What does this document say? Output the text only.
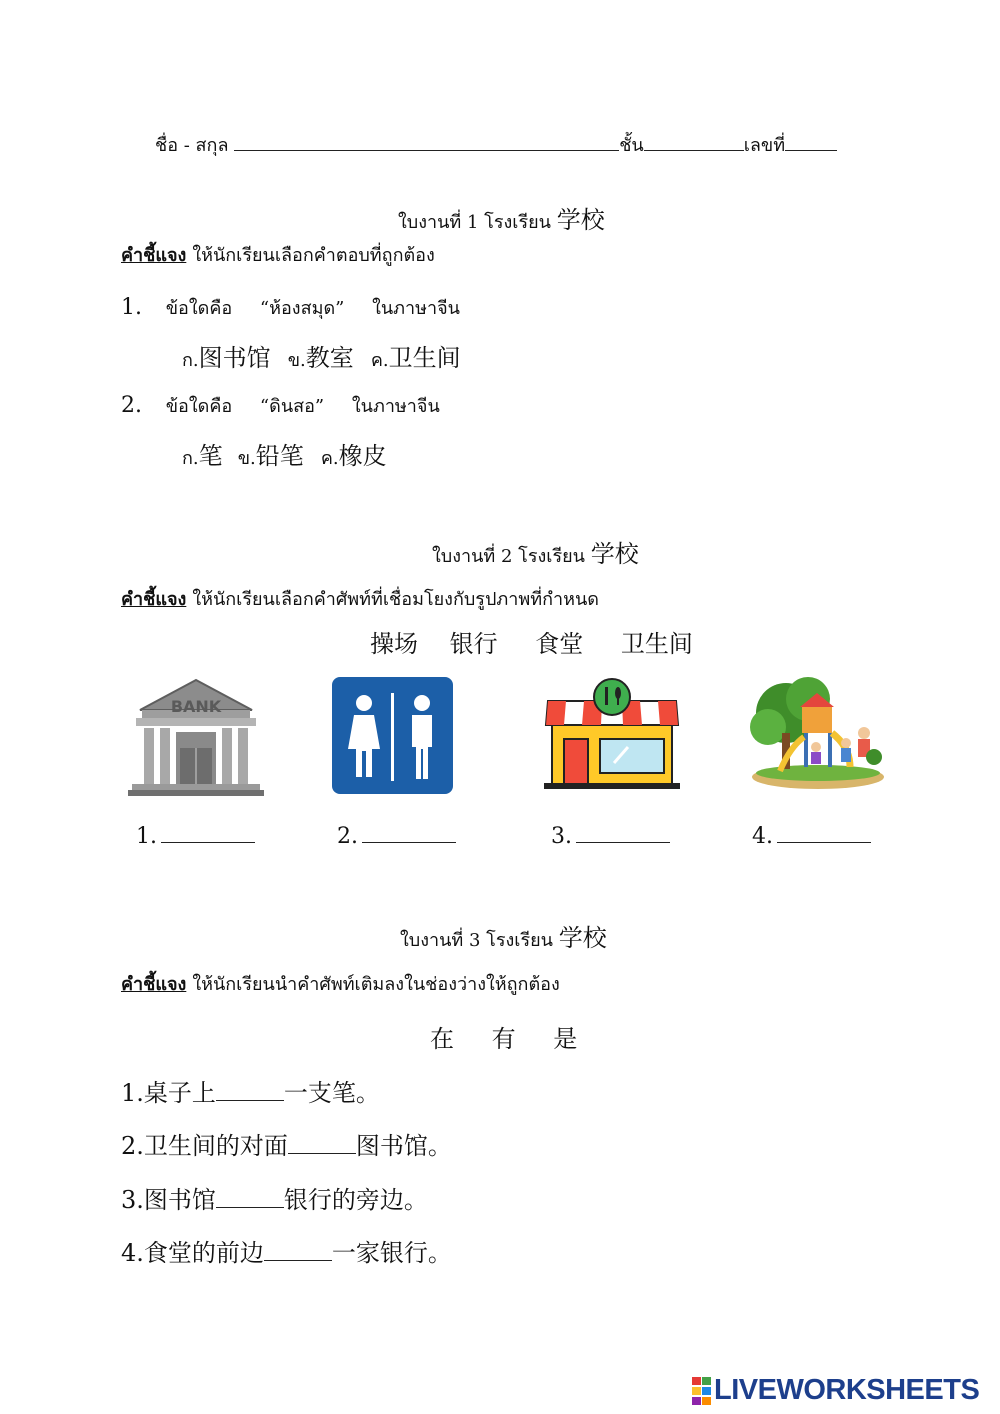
ชื่อ - สกุล	ชั้น	เลขที่
ใบงานที่ 1 โรงเรียน 学校
คำชี้แจง ให้นักเรียนเลือกคำตอบที่ถูกต้อง
1. ข้อใดคือ “ห้องสมุด” ในภาษาจีน
ก.图书馆 ข.教室 ค.卫生间
2. ข้อใดคือ “ดินสอ” ในภาษาจีน
ก.笔 ข.铅笔 ค.橡皮
ใบงานที่ 2 โรงเรียน 学校
คำชี้แจง ให้นักเรียนเลือกคำศัพท์ที่เชื่อมโยงกับรูปภาพที่กำหนด
操场 银行 食堂 卫生间
BANK
1.	2.	3.	4.
ใบงานที่ 3 โรงเรียน 学校
คำชี้แจง ให้นักเรียนนำคำศัพท์เติมลงในช่องว่างให้ถูกต้อง
在 有 是
1.桌子上	一支笔。
2.卫生间的对面	图书馆。
3.图书馆	银行的旁边。
4.食堂的前边	一家银行。
LIVEWORKSHEETS
